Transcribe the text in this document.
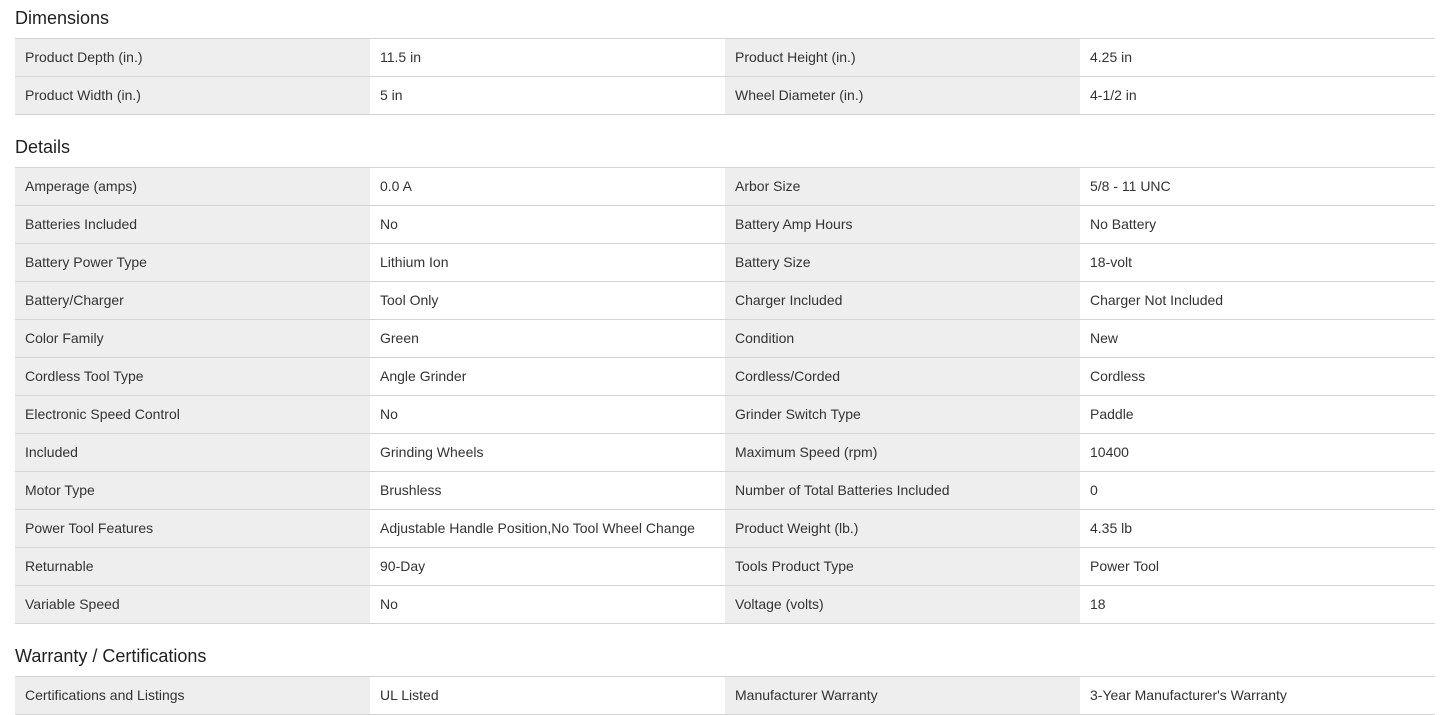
Dimensions
Product Depth (in.)	11.5 in	Product Height (in.)	4.25 in
Product Width (in.)	5 in	Wheel Diameter (in.)	4-1/2 in
Details
Amperage (amps)	0.0 A	Arbor Size	5/8 - 11 UNC
Batteries Included	No	Battery Amp Hours	No Battery
Battery Power Type	Lithium Ion	Battery Size	18-volt
Battery/Charger	Tool Only	Charger Included	Charger Not Included
Color Family	Green	Condition	New
Cordless Tool Type	Angle Grinder	Cordless/Corded	Cordless
Electronic Speed Control	No	Grinder Switch Type	Paddle
Included	Grinding Wheels	Maximum Speed (rpm)	10400
Motor Type	Brushless	Number of Total Batteries Included	0
Power Tool Features	Adjustable Handle Position,No Tool Wheel Change	Product Weight (lb.)	4.35 lb
Returnable	90-Day	Tools Product Type	Power Tool
Variable Speed	No	Voltage (volts)	18
Warranty / Certifications
Certifications and Listings	UL Listed	Manufacturer Warranty	3-Year Manufacturer's Warranty
